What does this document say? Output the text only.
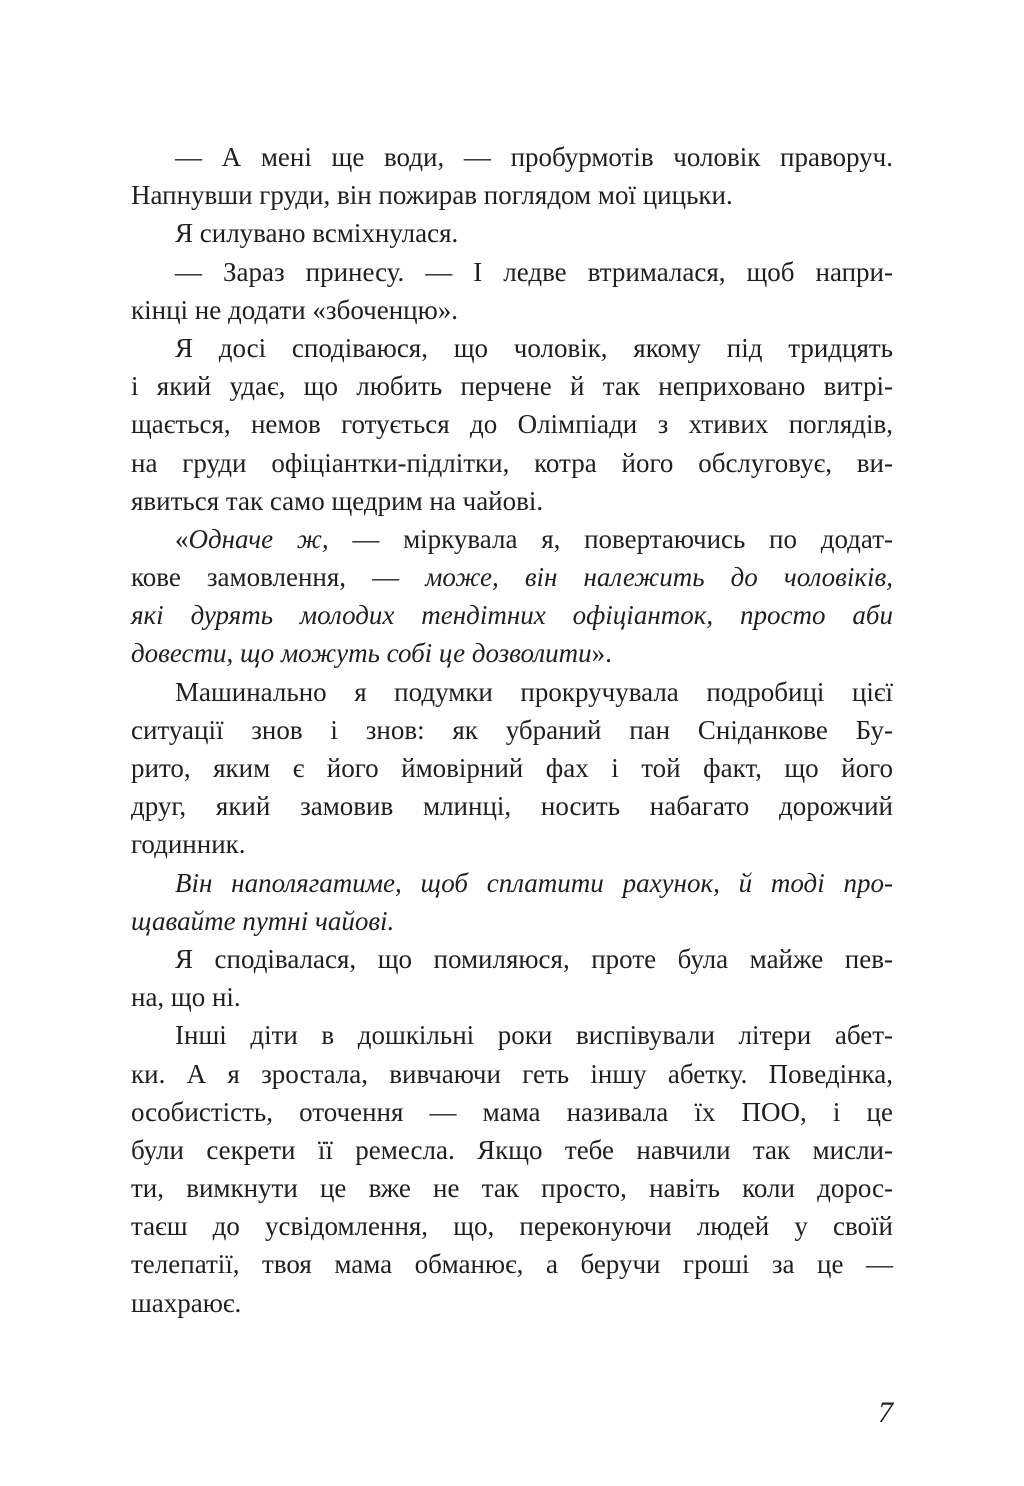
— А мені ще води, — пробурмотів чоловік праворуч.
Напнувши груди, він пожирав поглядом мої цицьки.
Я силувано всміхнулася.
— Зараз принесу. — І ледве втрималася, щоб напри-
кінці не додати «збоченцю».
Я досі сподіваюся, що чоловік, якому під тридцять
і який удає, що любить перчене й так неприховано витрі-
щається, немов готується до Олімпіади з хтивих поглядів,
на груди офіціантки-підлітки, котра його обслуговує, ви-
явиться так само щедрим на чайові.
«Одначе ж, — міркувала я, повертаючись по додат-
кове замовлення, — може, він належить до чоловіків,
які дурять молодих тендітних офіціанток, просто аби
довести, що можуть собі це дозволити».
Машинально я подумки прокручувала подробиці цієї
ситуації знов і знов: як убраний пан Сніданкове Бу-
рито, яким є його ймовірний фах і той факт, що його
друг, який замовив млинці, носить набагато дорожчий
годинник.
Він наполягатиме, щоб сплатити рахунок, й тоді про-
щавайте путні чайові.
Я сподівалася, що помиляюся, проте була майже пев-
на, що ні.
Інші діти в дошкільні роки виспівували літери абет-
ки. А я зростала, вивчаючи геть іншу абетку. Поведінка,
особистість, оточення — мама називала їх ПОО, і це
були секрети її ремесла. Якщо тебе навчили так мисли-
ти, вимкнути це вже не так просто, навіть коли дорос-
таєш до усвідомлення, що, переконуючи людей у своїй
телепатії, твоя мама обманює, а беручи гроші за це —
шахраює.
7
